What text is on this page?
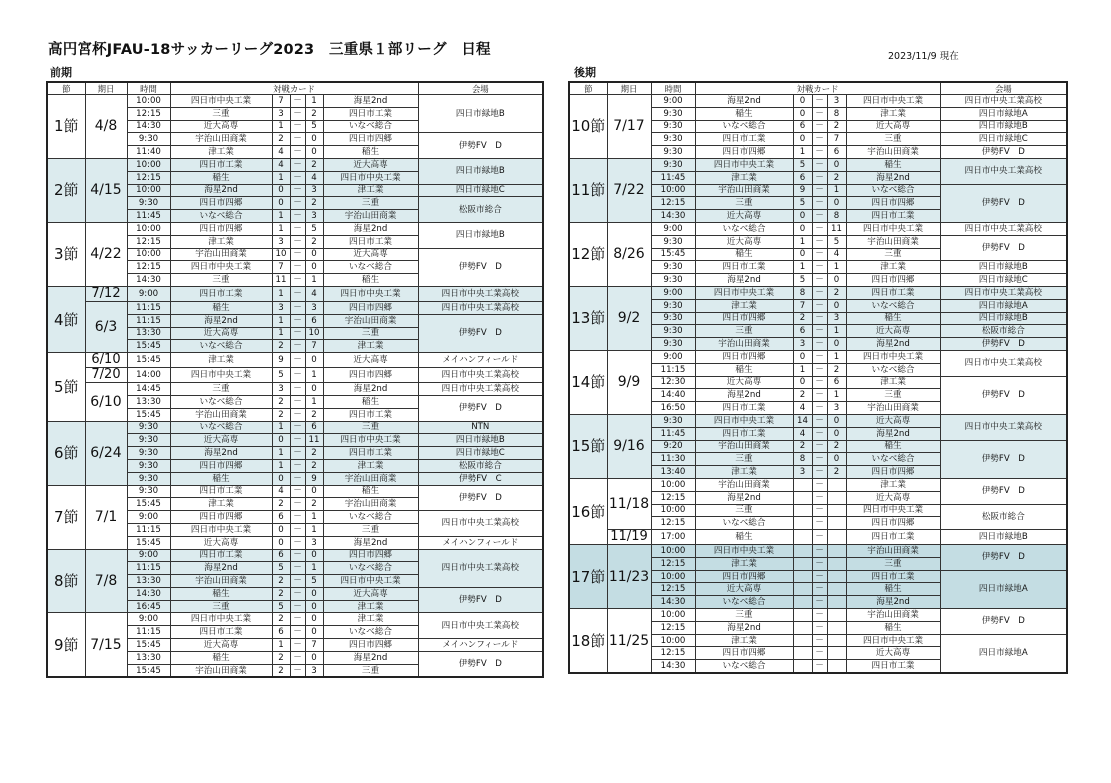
高円宮杯JFAU-18サッカーリーグ2023　三重県１部リーグ　日程	2023/11/9 現在
前期	後期
節	期日	時間	対戦カード					会場
1節	4/8	10:00	四日市中央工業	7	－	1	海星2nd	四日市緑地B
		12:15	三重	3	－	2	四日市工業	
		14:30	近大高専	1	－	5	いなべ総合	
		9:30	宇治山田商業	2	－	0	四日市四郷	伊勢FV　D
		11:40	津工業	4	－	0	稲生	
2節	4/15	10:00	四日市工業	4	－	2	近大高専	四日市緑地B
		12:15	稲生	1	－	4	四日市中央工業	
		10:00	海星2nd	0	－	3	津工業	四日市緑地C
		9:30	四日市四郷	0	－	2	三重	松阪市総合
		11:45	いなべ総合	1	－	3	宇治山田商業	
3節	4/22	10:00	四日市四郷	1	－	5	海星2nd	四日市緑地B
		12:15	津工業	3	－	2	四日市工業	
		10:00	宇治山田商業	10	－	0	近大高専	伊勢FV　D
		12:15	四日市中央工業	7	－	0	いなべ総合	
		14:30	三重	11	－	1	稲生	
4節	7/12	9:00	四日市工業	1	－	4	四日市中央工業	四日市中央工業高校
	6/3	11:15	稲生	3	－	3	四日市四郷	四日市中央工業高校
		11:15	海星2nd	1	－	6	宇治山田商業	伊勢FV　D
		13:30	近大高専	1	－	10	三重	
		15:45	いなべ総合	2	－	7	津工業	
5節	6/10	15:45	津工業	9	－	0	近大高専	メイハンフィールド
	7/20	14:00	四日市中央工業	5	－	1	四日市四郷	四日市中央工業高校
	6/10	14:45	三重	3	－	0	海星2nd	四日市中央工業高校
		13:30	いなべ総合	2	－	1	稲生	伊勢FV　D
		15:45	宇治山田商業	2	－	2	四日市工業	
6節	6/24	9:30	いなべ総合	1	－	6	三重	NTN
		9:30	近大高専	0	－	11	四日市中央工業	四日市緑地B
		9:30	海星2nd	1	－	2	四日市工業	四日市緑地C
		9:30	四日市四郷	1	－	2	津工業	松阪市総合
		9:30	稲生	0	－	9	宇治山田商業	伊勢FV　C
7節	7/1	9:30	四日市工業	4	－	0	稲生	伊勢FV　D
		15:45	津工業	2	－	2	宇治山田商業	
		9:00	四日市四郷	6	－	1	いなべ総合	四日市中央工業高校
		11:15	四日市中央工業	0	－	1	三重	
		15:45	近大高専	0	－	3	海星2nd	メイハンフィールド
8節	7/8	9:00	四日市工業	6	－	0	四日市四郷	四日市中央工業高校
		11:15	海星2nd	5	－	1	いなべ総合	
		13:30	宇治山田商業	2	－	5	四日市中央工業	
		14:30	稲生	2	－	0	近大高専	伊勢FV　D
		16:45	三重	5	－	0	津工業	
9節	7/15	9:00	四日市中央工業	2	－	0	津工業	四日市中央工業高校
		11:15	四日市工業	6	－	0	いなべ総合	
		15:45	近大高専	1	－	7	四日市四郷	メイハンフィールド
		13:30	稲生	2	－	0	海星2nd	伊勢FV　D
		15:45	宇治山田商業	2	－	3	三重	
節	期日	時間	対戦カード					会場
10節	7/17	9:00	海星2nd	0	－	3	四日市中央工業	四日市中央工業高校
		9:30	稲生	0	－	8	津工業	四日市緑地A
		9:30	いなべ総合	6	－	2	近大高専	四日市緑地B
		9:30	四日市工業	0	－	7	三重	四日市緑地C
		9:30	四日市四郷	1	－	6	宇治山田商業	伊勢FV　D
11節	7/22	9:30	四日市中央工業	5	－	0	稲生	四日市中央工業高校
		11:45	津工業	6	－	2	海星2nd	
		10:00	宇治山田商業	9	－	1	いなべ総合	伊勢FV　D
		12:15	三重	5	－	0	四日市四郷	
		14:30	近大高専	0	－	8	四日市工業	
12節	8/26	9:00	いなべ総合	0	－	11	四日市中央工業	四日市中央工業高校
		9:30	近大高専	1	－	5	宇治山田商業	伊勢FV　D
		15:45	稲生	0	－	4	三重	
		9:30	四日市工業	1	－	1	津工業	四日市緑地B
		9:30	海星2nd	5	－	0	四日市四郷	四日市緑地C
13節	9/2	9:00	四日市中央工業	8	－	2	四日市工業	四日市中央工業高校
		9:30	津工業	7	－	0	いなべ総合	四日市緑地A
		9:30	四日市四郷	2	－	3	稲生	四日市緑地B
		9:30	三重	6	－	1	近大高専	松阪市総合
		9:30	宇治山田商業	3	－	0	海星2nd	伊勢FV　D
14節	9/9	9:00	四日市四郷	0	－	1	四日市中央工業	四日市中央工業高校
		11:15	稲生	1	－	2	いなべ総合	
		12:30	近大高専	0	－	6	津工業	伊勢FV　D
		14:40	海星2nd	2	－	1	三重	
		16:50	四日市工業	4	－	3	宇治山田商業	
15節	9/16	9:30	四日市中央工業	14	－	0	近大高専	四日市中央工業高校
		11:45	四日市工業	4	－	0	海星2nd	
		9:20	宇治山田商業	2	－	2	稲生	伊勢FV　D
		11:30	三重	8	－	0	いなべ総合	
		13:40	津工業	3	－	2	四日市四郷	
16節	11/18	10:00	宇治山田商業		－		津工業	伊勢FV　D
		12:15	海星2nd		－		近大高専	
		10:00	三重		－		四日市中央工業	松阪市総合
		12:15	いなべ総合		－		四日市四郷	
	11/19	17:00	稲生		－		四日市工業	四日市緑地B
17節	11/23	10:00	四日市中央工業		－		宇治山田商業	伊勢FV　D
		12:15	津工業		－		三重	
		10:00	四日市四郷		－		四日市工業	四日市緑地A
		12:15	近大高専		－		稲生	
		14:30	いなべ総合		－		海星2nd	
18節	11/25	10:00	三重		－		宇治山田商業	伊勢FV　D
		12:15	海星2nd		－		稲生	
		10:00	津工業		－		四日市中央工業	四日市緑地A
		12:15	四日市四郷		－		近大高専	
		14:30	いなべ総合		－		四日市工業	
